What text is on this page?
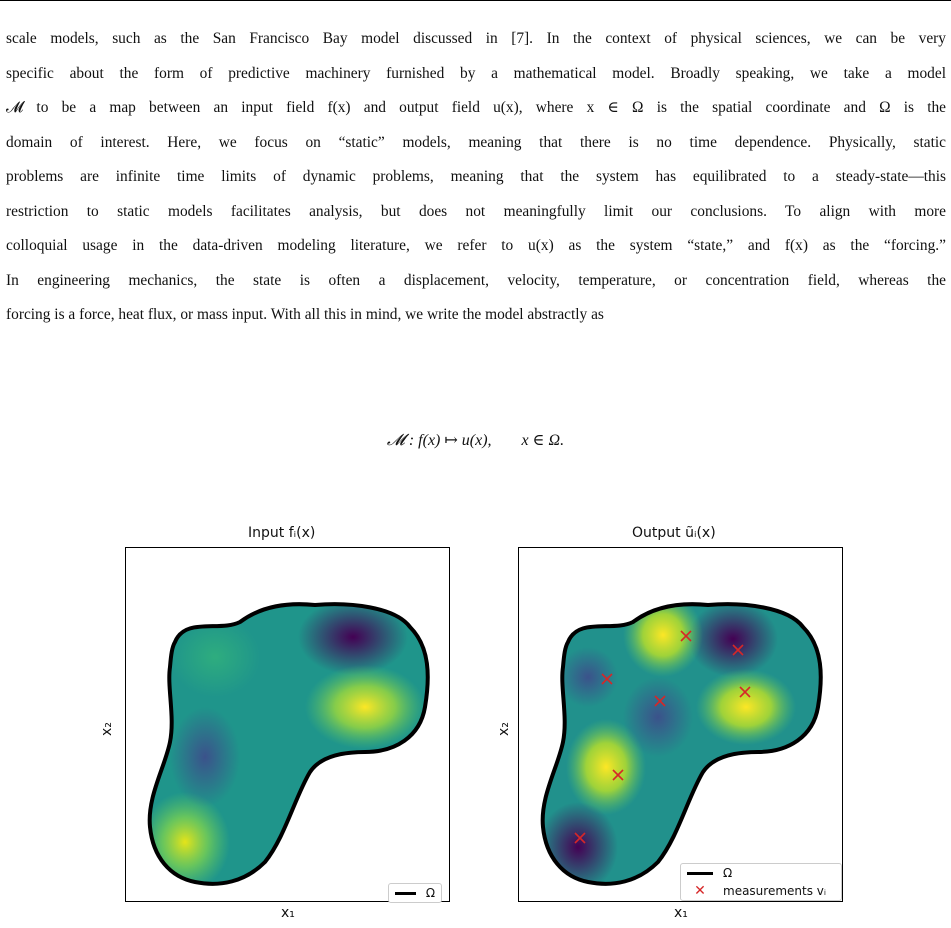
scale models, such as the San Francisco Bay model discussed in [7]. In the context of physical sciences, we can be very
specific about the form of predictive machinery furnished by a mathematical model. Broadly speaking, we take a model
𝓜 to be a map between an input field f(x) and output field u(x), where x ∈ Ω is the spatial coordinate and Ω is the
domain of interest. Here, we focus on “static” models, meaning that there is no time dependence. Physically, static
problems are infinite time limits of dynamic problems, meaning that the system has equilibrated to a steady-state—this
restriction to static models facilitates analysis, but does not meaningfully limit our conclusions. To align with more
colloquial usage in the data-driven modeling literature, we refer to u(x) as the system “state,” and f(x) as the “forcing.”
In engineering mechanics, the state is often a displacement, velocity, temperature, or concentration field, whereas the
forcing is a force, heat flux, or mass input. With all this in mind, we write the model abstractly as
𝓜 : f(x) ↦ u(x), x ∈ Ω.
Input fᵢ(x)
x₁
x₂
Ω
Output ũᵢ(x)
x₁
x₂
Ω
✕	measurements vᵢ
